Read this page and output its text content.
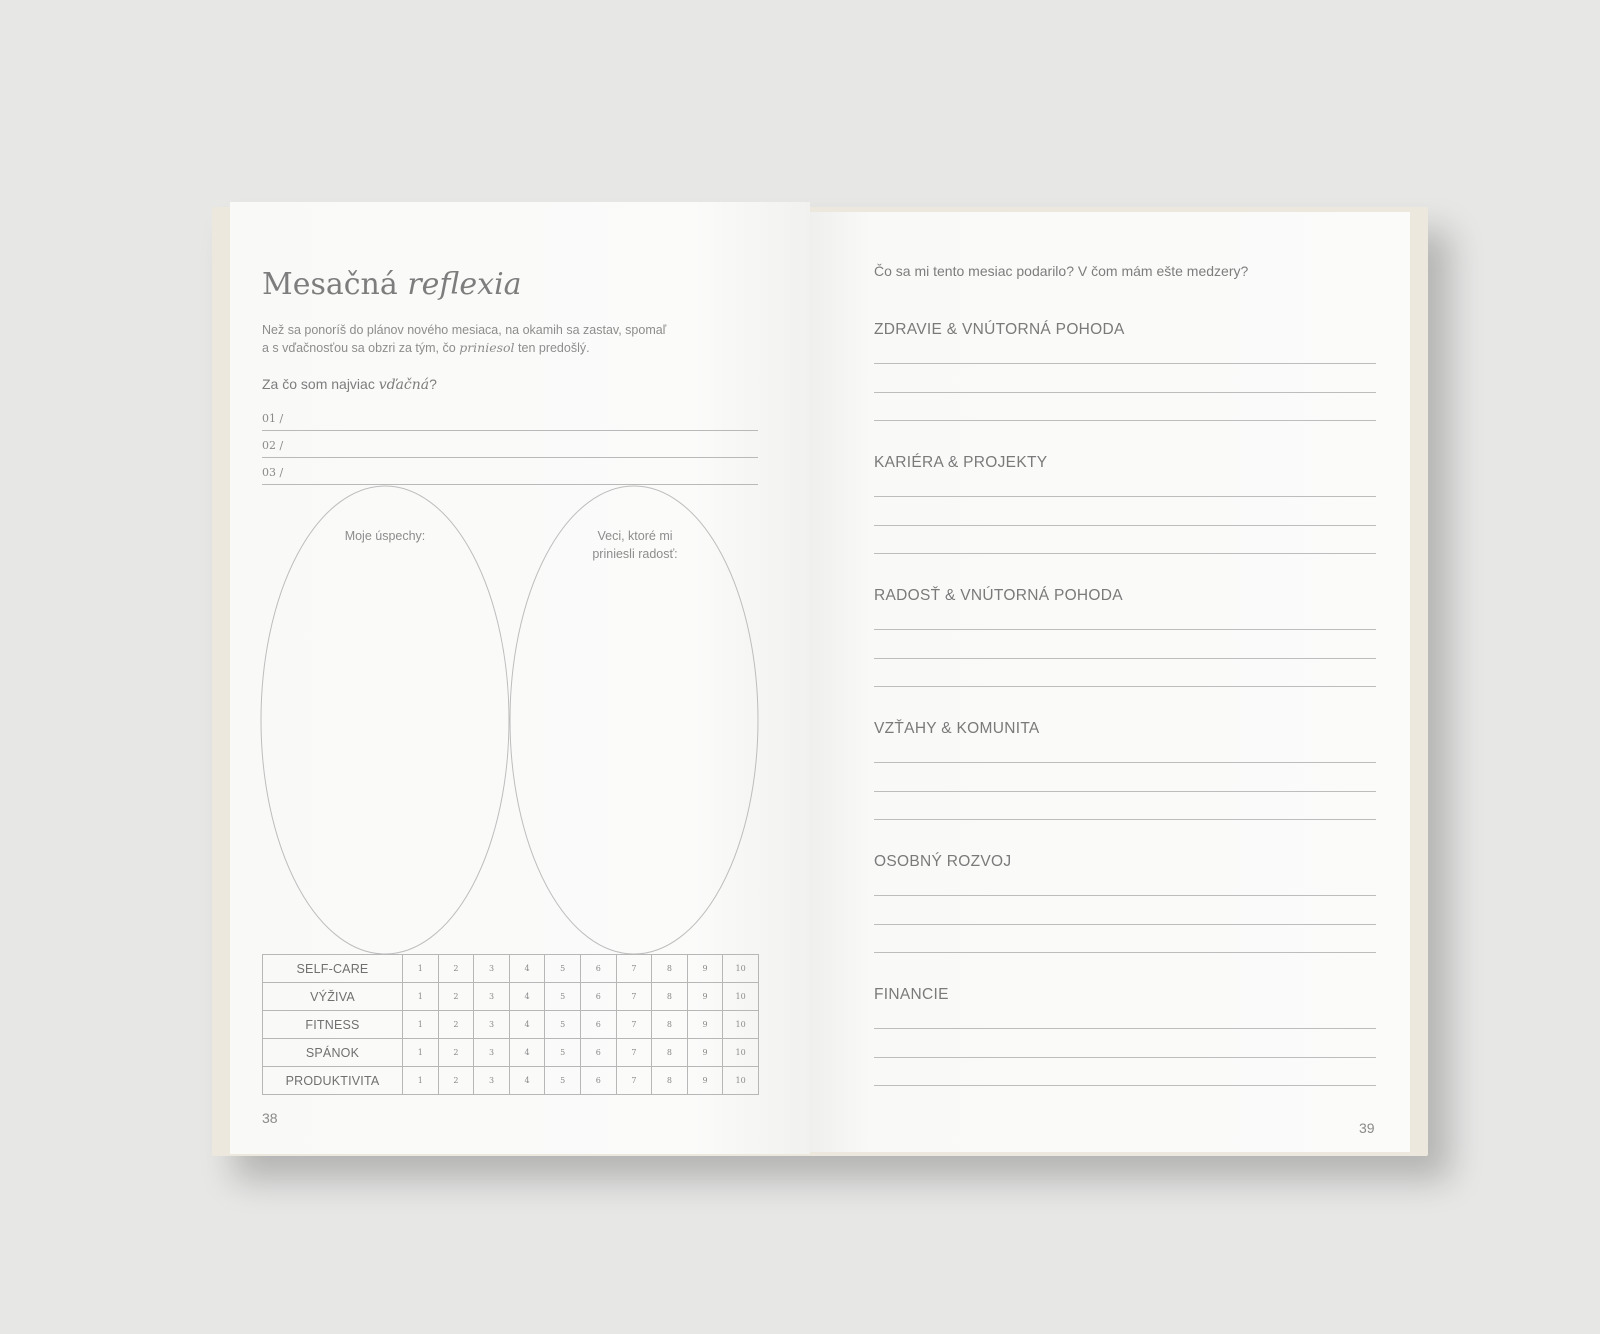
Mesačná reflexia
Než sa ponoríš do plánov nového mesiaca, na okamih sa zastav, spomaľ
a s vďačnosťou sa obzri za tým, čo priniesol ten predošlý.
Za čo som najviac vďačná?
01 /
02 /
03 /
Moje úspechy:	Veci, ktoré mi
priniesli radosť:
SELF-CARE	1	2	3	4	5	6	7	8	9	10
VÝŽIVA	1	2	3	4	5	6	7	8	9	10
FITNESS	1	2	3	4	5	6	7	8	9	10
SPÁNOK	1	2	3	4	5	6	7	8	9	10
PRODUKTIVITA	1	2	3	4	5	6	7	8	9	10
38
Čo sa mi tento mesiac podarilo? V čom mám ešte medzery?
ZDRAVIE & VNÚTORNÁ POHODA
KARIÉRA & PROJEKTY
RADOSŤ & VNÚTORNÁ POHODA
VZŤAHY & KOMUNITA
OSOBNÝ ROZVOJ
FINANCIE
39
